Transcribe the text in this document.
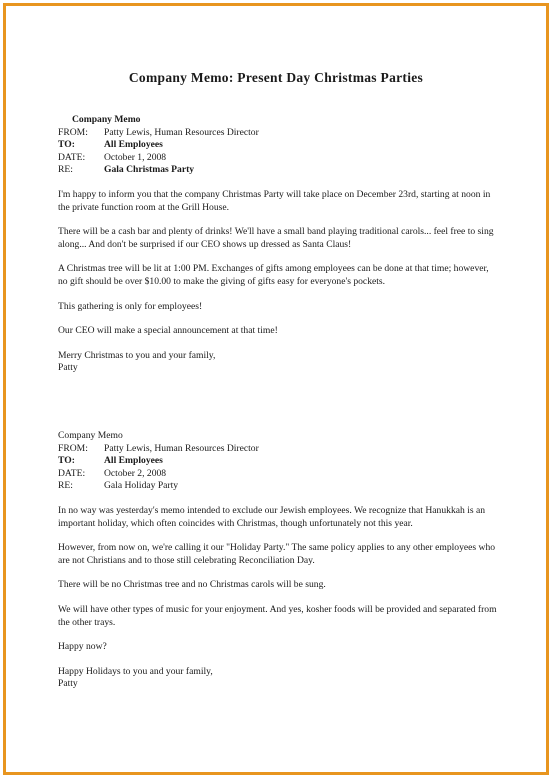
Company Memo: Present Day Christmas Parties
Company Memo
FROM: Patty Lewis, Human Resources Director
TO:	All Employees
DATE: October 1, 2008
RE:	Gala Christmas Party

I'm happy to inform you that the company Christmas Party will take place on December 23rd, starting at noon in the private function room at the Grill House.

There will be a cash bar and plenty of drinks! We'll have a small band playing traditional carols... feel free to sing along... And don't be surprised if our CEO shows up dressed as Santa Claus!

A Christmas tree will be lit at 1:00 PM. Exchanges of gifts among employees can be done at that time; however, no gift should be over $10.00 to make the giving of gifts easy for everyone's pockets.

This gathering is only for employees!

Our CEO will make a special announcement at that time!

Merry Christmas to you and your family,
Patty
Company Memo
FROM: Patty Lewis, Human Resources Director
TO:	All Employees
DATE: October 2, 2008
RE:	Gala Holiday Party

In no way was yesterday's memo intended to exclude our Jewish employees. We recognize that Hanukkah is an important holiday, which often coincides with Christmas, though unfortunately not this year.

However, from now on, we're calling it our "Holiday Party." The same policy applies to any other employees who are not Christians and to those still celebrating Reconciliation Day.

There will be no Christmas tree and no Christmas carols will be sung.

We will have other types of music for your enjoyment. And yes, kosher foods will be provided and separated from the other trays.

Happy now?

Happy Holidays to you and your family,
Patty
